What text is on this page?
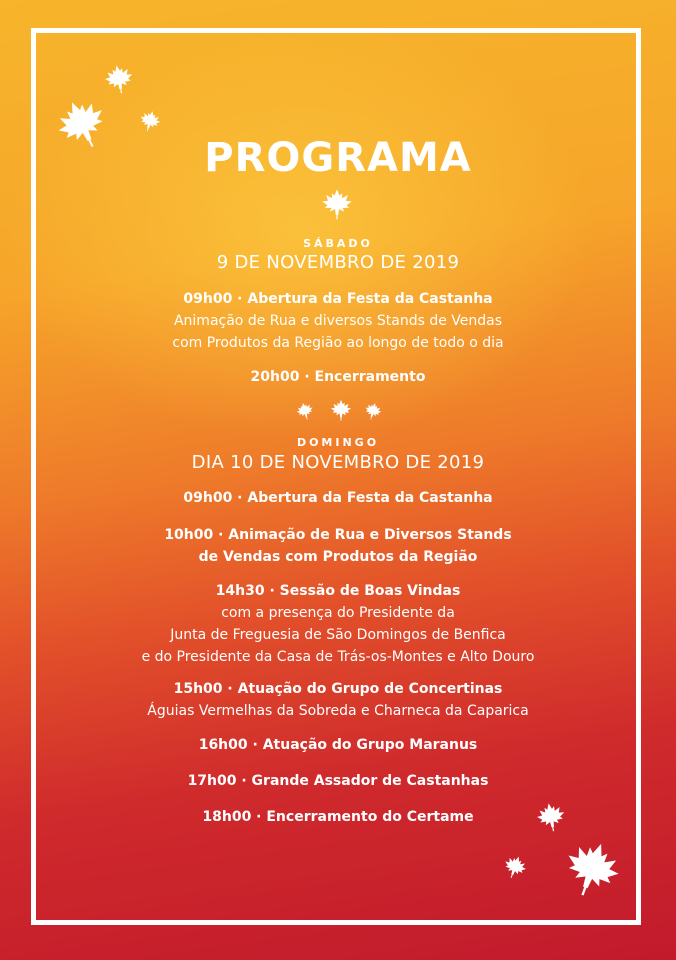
PROGRAMA
SÁBADO
9 DE NOVEMBRO DE 2019
09h00 · Abertura da Festa da Castanha
Animação de Rua e diversos Stands de Vendas
com Produtos da Região ao longo de todo o dia
20h00 · Encerramento
DOMINGO
DIA 10 DE NOVEMBRO DE 2019
09h00 · Abertura da Festa da Castanha
10h00 · Animação de Rua e Diversos Stands
de Vendas com Produtos da Região
14h30 · Sessão de Boas Vindas
com a presença do Presidente da
Junta de Freguesia de São Domingos de Benfica
e do Presidente da Casa de Trás-os-Montes e Alto Douro
15h00 · Atuação do Grupo de Concertinas
Águias Vermelhas da Sobreda e Charneca da Caparica
16h00 · Atuação do Grupo Maranus
17h00 · Grande Assador de Castanhas
18h00 · Encerramento do Certame
